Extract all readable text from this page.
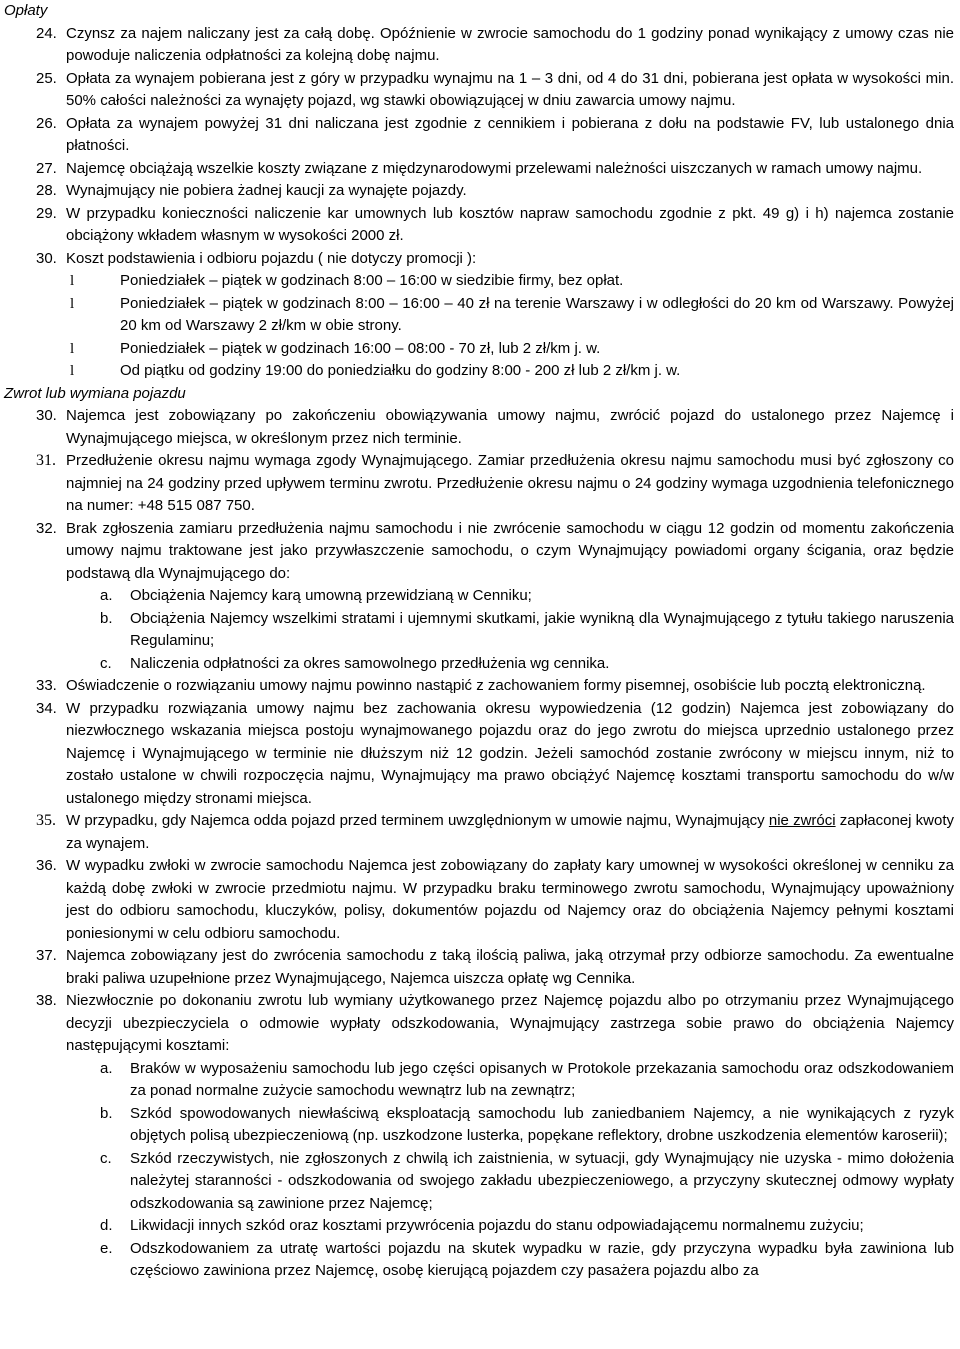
Opłaty

24. Czynsz za najem naliczany jest za całą dobę. Opóźnienie w zwrocie samochodu do 1 godziny ponad wynikający z umowy czas nie powoduje naliczenia odpłatności za kolejną dobę najmu.
25. Opłata za wynajem pobierana jest z góry w przypadku wynajmu na 1 – 3 dni, od 4 do 31 dni, pobierana jest opłata w wysokości min. 50% całości należności za wynajęty pojazd, wg stawki obowiązującej w dniu zawarcia umowy najmu.
26. Opłata za wynajem powyżej 31 dni naliczana jest zgodnie z cennikiem i pobierana z dołu na podstawie FV, lub ustalonego dnia płatności.
27. Najemcę obciążają wszelkie koszty związane z międzynarodowymi przelewami należności uiszczanych w ramach umowy najmu.
28. Wynajmujący nie pobiera żadnej kaucji za wynajęte pojazdy.
29. W przypadku konieczności naliczenie kar umownych lub kosztów napraw samochodu zgodnie z pkt. 49 g) i h) najemca zostanie obciążony wkładem własnym w wysokości 2000 zł.
30. Koszt podstawienia i odbioru pojazdu ( nie dotyczy promocji ):
l	Poniedziałek – piątek w godzinach 8:00 – 16:00 w siedzibie firmy, bez opłat.
l	Poniedziałek – piątek w godzinach 8:00 – 16:00 – 40 zł na terenie Warszawy i w odległości do 20 km od Warszawy. Powyżej 20 km od Warszawy 2 zł/km w obie strony.
l	Poniedziałek – piątek w godzinach 16:00 – 08:00 - 70 zł, lub 2 zł/km j. w.
l	Od piątku od godziny 19:00 do poniedziałku do godziny 8:00 - 200 zł lub 2 zł/km j. w.

Zwrot lub wymiana pojazdu

30. Najemca jest zobowiązany po zakończeniu obowiązywania umowy najmu, zwrócić pojazd do ustalonego przez Najemcę i Wynajmującego miejsca, w określonym przez nich terminie.
31. Przedłużenie okresu najmu wymaga zgody Wynajmującego. Zamiar przedłużenia okresu najmu samochodu musi być zgłoszony co najmniej na 24 godziny przed upływem terminu zwrotu. Przedłużenie okresu najmu o 24 godziny wymaga uzgodnienia telefonicznego na numer: +48 515 087 750.
32. Brak zgłoszenia zamiaru przedłużenia najmu samochodu i nie zwrócenie samochodu w ciągu 12 godzin od momentu zakończenia umowy najmu traktowane jest jako przywłaszczenie samochodu, o czym Wynajmujący powiadomi organy ścigania, oraz będzie podstawą dla Wynajmującego do:
a.	Obciążenia Najemcy karą umowną przewidzianą w Cenniku;
b.	Obciążenia Najemcy wszelkimi stratami i ujemnymi skutkami, jakie wynikną dla Wynajmującego z tytułu takiego naruszenia Regulaminu;
c.	Naliczenia odpłatności za okres samowolnego przedłużenia wg cennika.
33. Oświadczenie o rozwiązaniu umowy najmu powinno nastąpić z zachowaniem formy pisemnej, osobiście lub pocztą elektroniczną.
34. W przypadku rozwiązania umowy najmu bez zachowania okresu wypowiedzenia (12 godzin) Najemca jest zobowiązany do niezwłocznego wskazania miejsca postoju wynajmowanego pojazdu oraz do jego zwrotu do miejsca uprzednio ustalonego przez Najemcę i Wynajmującego w terminie nie dłuższym niż 12 godzin. Jeżeli samochód zostanie zwrócony w miejscu innym, niż to zostało ustalone w chwili rozpoczęcia najmu, Wynajmujący ma prawo obciążyć Najemcę kosztami transportu samochodu do w/w ustalonego między stronami miejsca.
35. W przypadku, gdy Najemca odda pojazd przed terminem uwzględnionym w umowie najmu, Wynajmujący nie zwróci zapłaconej kwoty za wynajem.
36. W wypadku zwłoki w zwrocie samochodu Najemca jest zobowiązany do zapłaty kary umownej w wysokości określonej w cenniku za każdą dobę zwłoki w zwrocie przedmiotu najmu. W przypadku braku terminowego zwrotu samochodu, Wynajmujący upoważniony jest do odbioru samochodu, kluczyków, polisy, dokumentów pojazdu od Najemcy oraz do obciążenia Najemcy pełnymi kosztami poniesionymi w celu odbioru samochodu.
37. Najemca zobowiązany jest do zwrócenia samochodu z taką ilością paliwa, jaką otrzymał przy odbiorze samochodu. Za ewentualne braki paliwa uzupełnione przez Wynajmującego, Najemca uiszcza opłatę wg Cennika.
38. Niezwłocznie po dokonaniu zwrotu lub wymiany użytkowanego przez Najemcę pojazdu albo po otrzymaniu przez Wynajmującego decyzji ubezpieczyciela o odmowie wypłaty odszkodowania, Wynajmujący zastrzega sobie prawo do obciążenia Najemcy następującymi kosztami:
a.	Braków w wyposażeniu samochodu lub jego części opisanych w Protokole przekazania samochodu oraz odszkodowaniem za ponad normalne zużycie samochodu wewnątrz lub na zewnątrz;
b.	Szkód spowodowanych niewłaściwą eksploatacją samochodu lub zaniedbaniem Najemcy, a nie wynikających z ryzyk objętych polisą ubezpieczeniową (np. uszkodzone lusterka, popękane reflektory, drobne uszkodzenia elementów karoserii);
c.	Szkód rzeczywistych, nie zgłoszonych z chwilą ich zaistnienia, w sytuacji, gdy Wynajmujący nie uzyska - mimo dołożenia należytej staranności - odszkodowania od swojego zakładu ubezpieczeniowego, a przyczyny skutecznej odmowy wypłaty odszkodowania są zawinione przez Najemcę;
d.	Likwidacji innych szkód oraz kosztami przywrócenia pojazdu do stanu odpowiadającemu normalnemu zużyciu;
e.	Odszkodowaniem za utratę wartości pojazdu na skutek wypadku w razie, gdy przyczyna wypadku była zawiniona lub częściowo zawiniona przez Najemcę, osobę kierującą pojazdem czy pasażera pojazdu albo za
